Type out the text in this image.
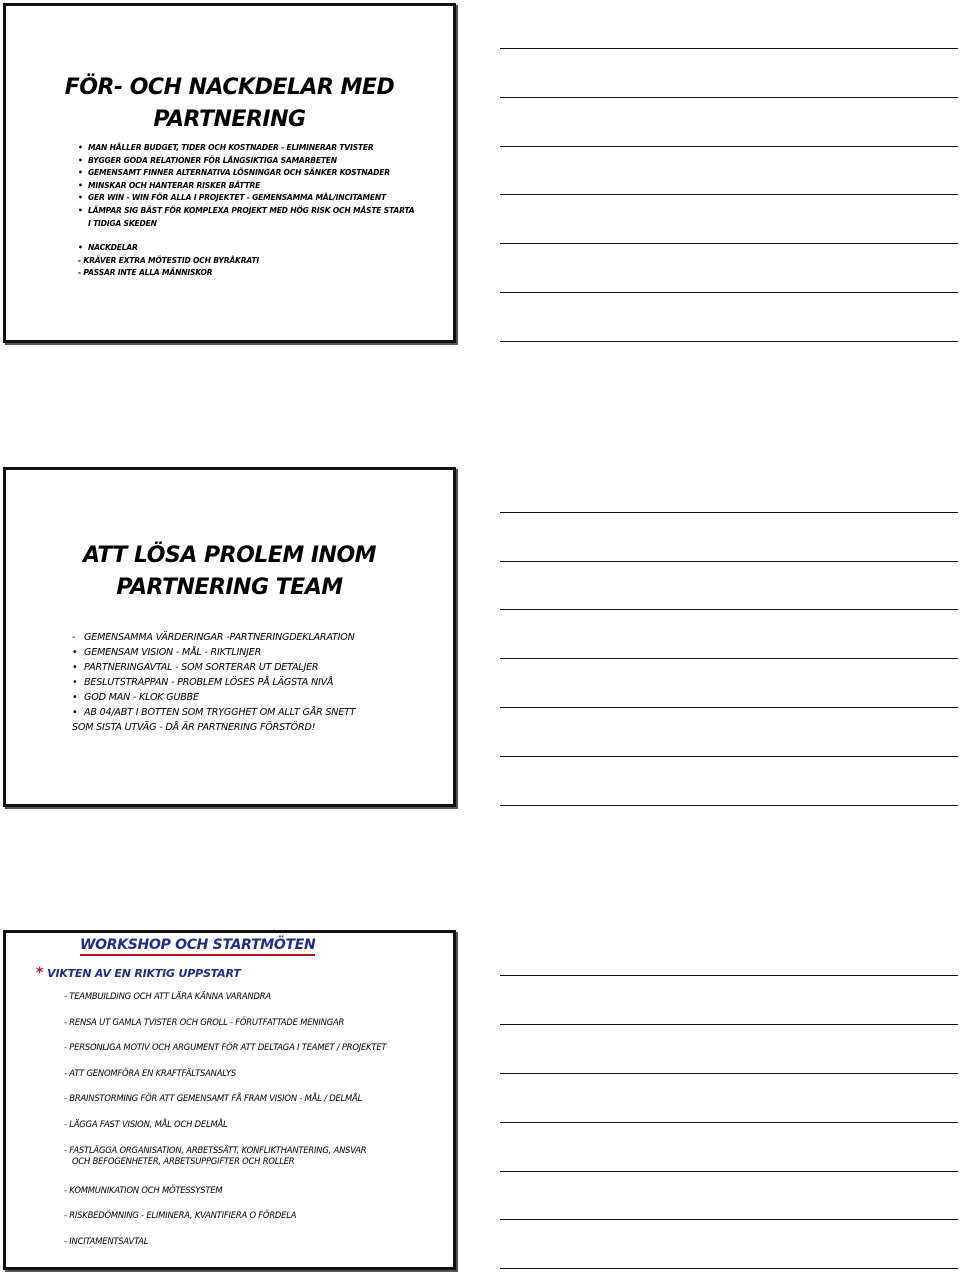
FÖR- OCH NACKDELAR MED
PARTNERING
• MAN HÅLLER BUDGET, TIDER OCH KOSTNADER - ELIMINERAR TVISTER
• BYGGER GODA RELATIONER FÖR LÅNGSIKTIGA SAMARBETEN
• GEMENSAMT FINNER ALTERNATIVA LÖSNINGAR OCH SÄNKER KOSTNADER
• MINSKAR OCH HANTERAR RISKER BÄTTRE
• GER WIN - WIN FÖR ALLA I PROJEKTET - GEMENSAMMA MÅL/INCITAMENT
• LÄMPAR SIG BÄST FÖR KOMPLEXA PROJEKT MED HÖG RISK OCH MÅSTE STARTA I TIDIGA SKEDEN
• NACKDELAR
- KRÄVER EXTRA MÖTESTID OCH BYRÅKRATI
- PASSAR INTE ALLA MÄNNISKOR
ATT LÖSA PROLEM INOM
PARTNERING TEAM
- GEMENSAMMA VÄRDERINGAR -PARTNERINGDEKLARATION
• GEMENSAM VISION - MÅL - RIKTLINJER
• PARTNERINGAVTAL - SOM SORTERAR UT DETALJER
• BESLUTSTRAPPAN - PROBLEM LÖSES PÅ LÄGSTA NIVÅ
• GOD MAN - KLOK GUBBE
• AB 04/ABT I BOTTEN SOM TRYGGHET OM ALLT GÅR SNETT
SOM SISTA UTVÄG - DÅ ÄR PARTNERING FÖRSTÖRD!
WORKSHOP OCH STARTMÖTEN
* VIKTEN AV EN RIKTIG UPPSTART
- TEAMBUILDING OCH ATT LÄRA KÄNNA VARANDRA
- RENSA UT GAMLA TVISTER OCH GROLL - FÖRUTFATTADE MENINGAR
- PERSONLIGA MOTIV OCH ARGUMENT FÖR ATT DELTAGA I TEAMET / PROJEKTET
- ATT GENOMFÖRA EN KRAFTFÄLTSANALYS
- BRAINSTORMING FÖR ATT GEMENSAMT FÅ FRAM VISION - MÅL / DELMÅL
- LÄGGA FAST VISION, MÅL OCH DELMÅL
- FASTLÄGGA ORGANISATION, ARBETSSÄTT, KONFLIKTHANTERING, ANSVAR
OCH BEFOGENHETER, ARBETSUPPGIFTER OCH ROLLER
- KOMMUNIKATION OCH MÖTESSYSTEM
- RISKBEDÖMNING - ELIMINERA, KVANTIFIERA O FÖRDELA
- INCITAMENTSAVTAL
